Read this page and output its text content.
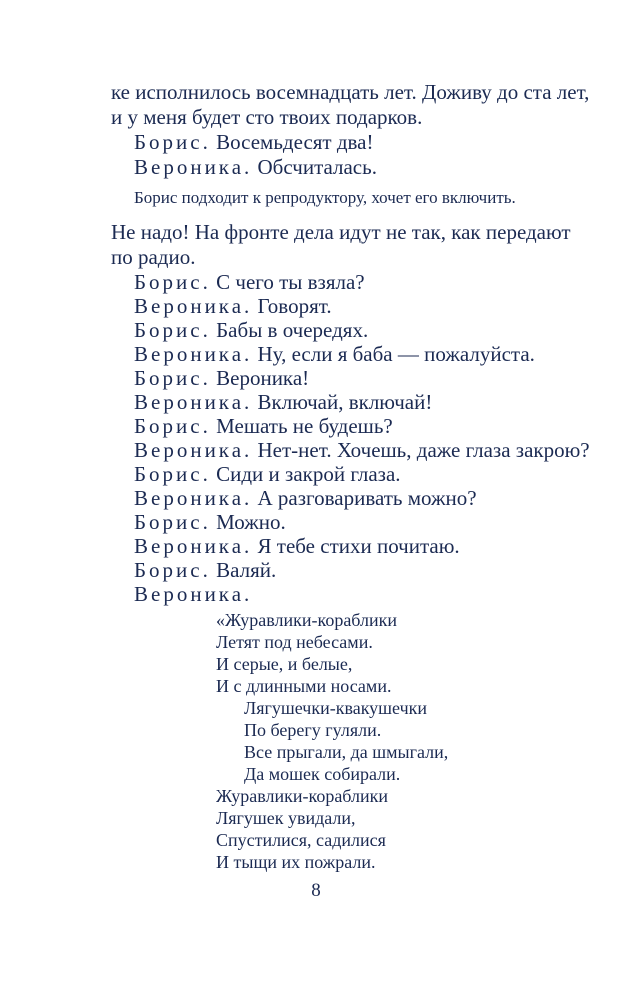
ке исполнилось восемнадцать лет. Доживу до ста лет,
и у меня будет сто твоих подарков.
Борис. Восемьдесят два!
Вероника. Обсчиталась.
Борис подходит к репродуктору, хочет его включить.
Не надо! На фронте дела идут не так, как передают
по радио.
Борис. С чего ты взяла?
Вероника. Говорят.
Борис. Бабы в очередях.
Вероника. Ну, если я баба — пожалуйста.
Борис. Вероника!
Вероника. Включай, включай!
Борис. Мешать не будешь?
Вероника. Нет-нет. Хочешь, даже глаза закрою?
Борис. Сиди и закрой глаза.
Вероника. А разговаривать можно?
Борис. Можно.
Вероника. Я тебе стихи почитаю.
Борис. Валяй.
Вероника.
«Журавлики-кораблики
Летят под небесами.
И серые, и белые,
И с длинными носами.
Лягушечки-квакушечки
По берегу гуляли.
Все прыгали, да шмыгали,
Да мошек собирали.
Журавлики-кораблики
Лягушек увидали,
Спустилися, садилися
И тыщи их пожрали.
8
